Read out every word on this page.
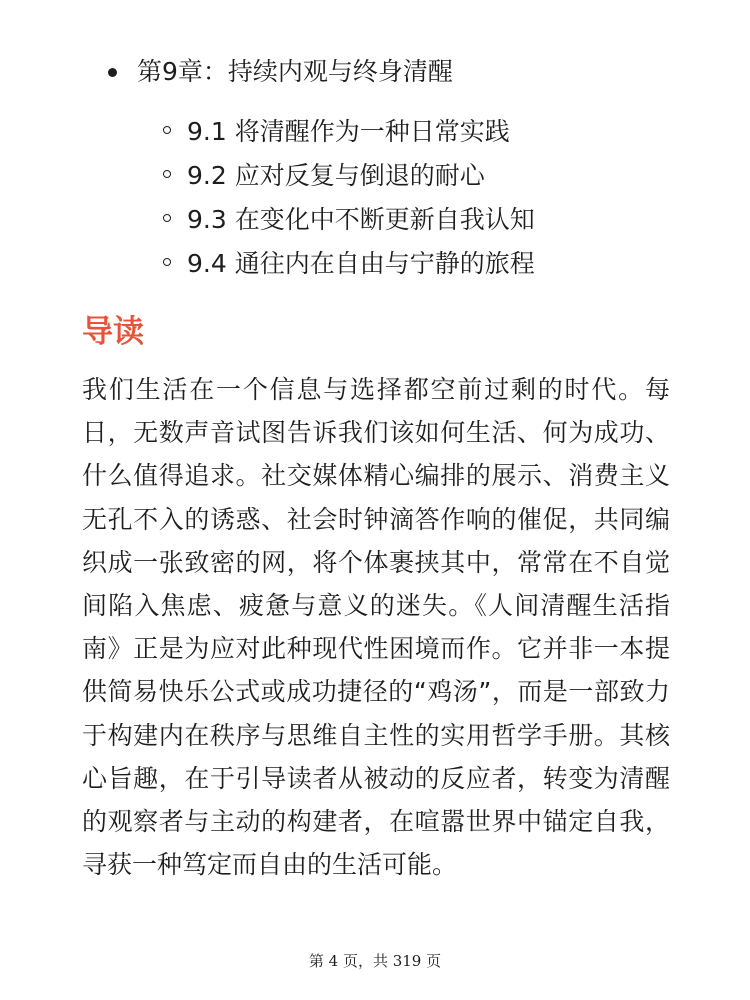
第9章：持续内观与终身清醒
9.1 将清醒作为一种日常实践
9.2 应对反复与倒退的耐心
9.3 在变化中不断更新自我认知
9.4 通往内在自由与宁静的旅程
导读

我们生活在一个信息与选择都空前过剩的时代。每日，无数声音试图告诉我们该如何生活、何为成功、什么值得追求。社交媒体精心编排的展示、消费主义无孔不入的诱惑、社会时钟滴答作响的催促，共同编织成一张致密的网，将个体裹挟其中，常常在不自觉间陷入焦虑、疲惫与意义的迷失。《人间清醒生活指南》正是为应对此种现代性困境而作。它并非一本提供简易快乐公式或成功捷径的“鸡汤”，而是一部致力于构建内在秩序与思维自主性的实用哲学手册。其核心旨趣，在于引导读者从被动的反应者，转变为清醒的观察者与主动的构建者，在喧嚣世界中锚定自我，寻获一种笃定而自由的生活可能。

第 4 页，共 319 页
